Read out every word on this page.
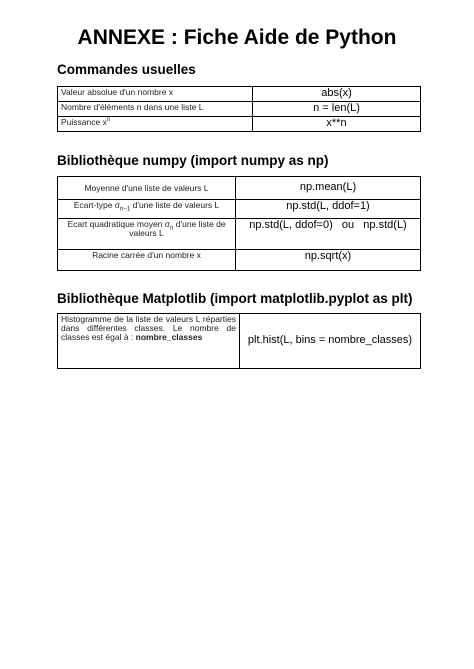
ANNEXE : Fiche Aide de Python
Commandes usuelles
Valeur absolue d'un nombre x	abs(x)
Nombre d'éléments n dans une liste L	n = len(L)
Puissance $x^n$	x**n
Bibliothèque numpy (import numpy as np)
Moyenne d'une liste de valeurs L	np.mean(L)
Ecart-type $\sigma_{n-1}$ d'une liste de valeurs L	np.std(L, ddof=1)
Ecart quadratique moyen $\sigma_n$ d'une liste de valeurs L	np.std(L, ddof=0)   ou   np.std(L)
Racine carrée d'un nombre x	np.sqrt(x)
Bibliothèque Matplotlib (import matplotlib.pyplot as plt)
Histogramme de la liste de valeurs L réparties dans différentes classes. Le nombre de classes est égal à : nombre_classes	plt.hist(L, bins = nombre_classes)
